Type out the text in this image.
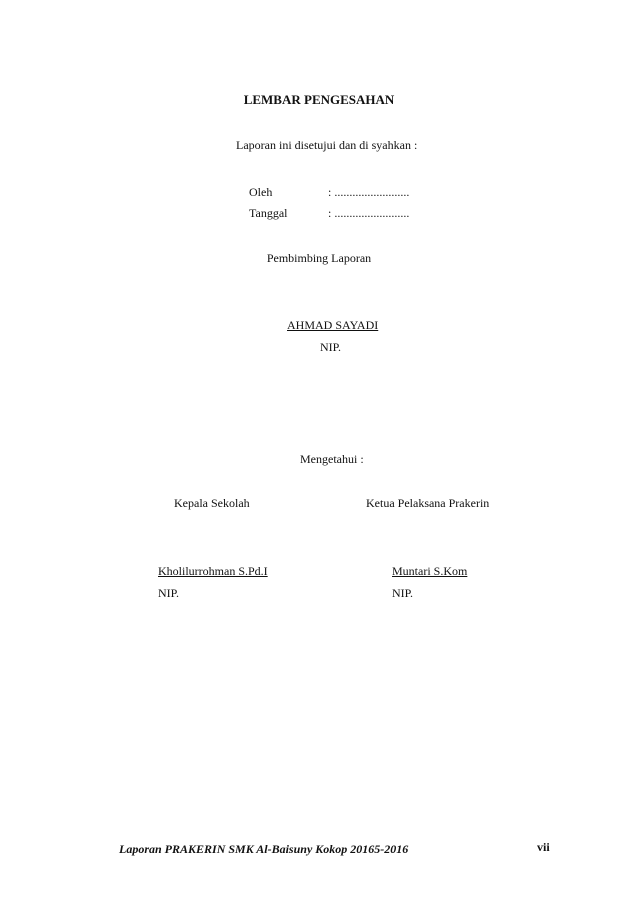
LEMBAR PENGESAHAN
Laporan ini disetujui dan di syahkan :
Oleh	: .........................
Tanggal	: .........................
Pembimbing Laporan
AHMAD SAYADI
NIP.
Mengetahui :
Kepala Sekolah	Ketua Pelaksana Prakerin
Kholilurrohman S.Pd.I	Muntari S.Kom
NIP.	NIP.
Laporan PRAKERIN SMK Al-Baisuny Kokop 20165-2016	vii
